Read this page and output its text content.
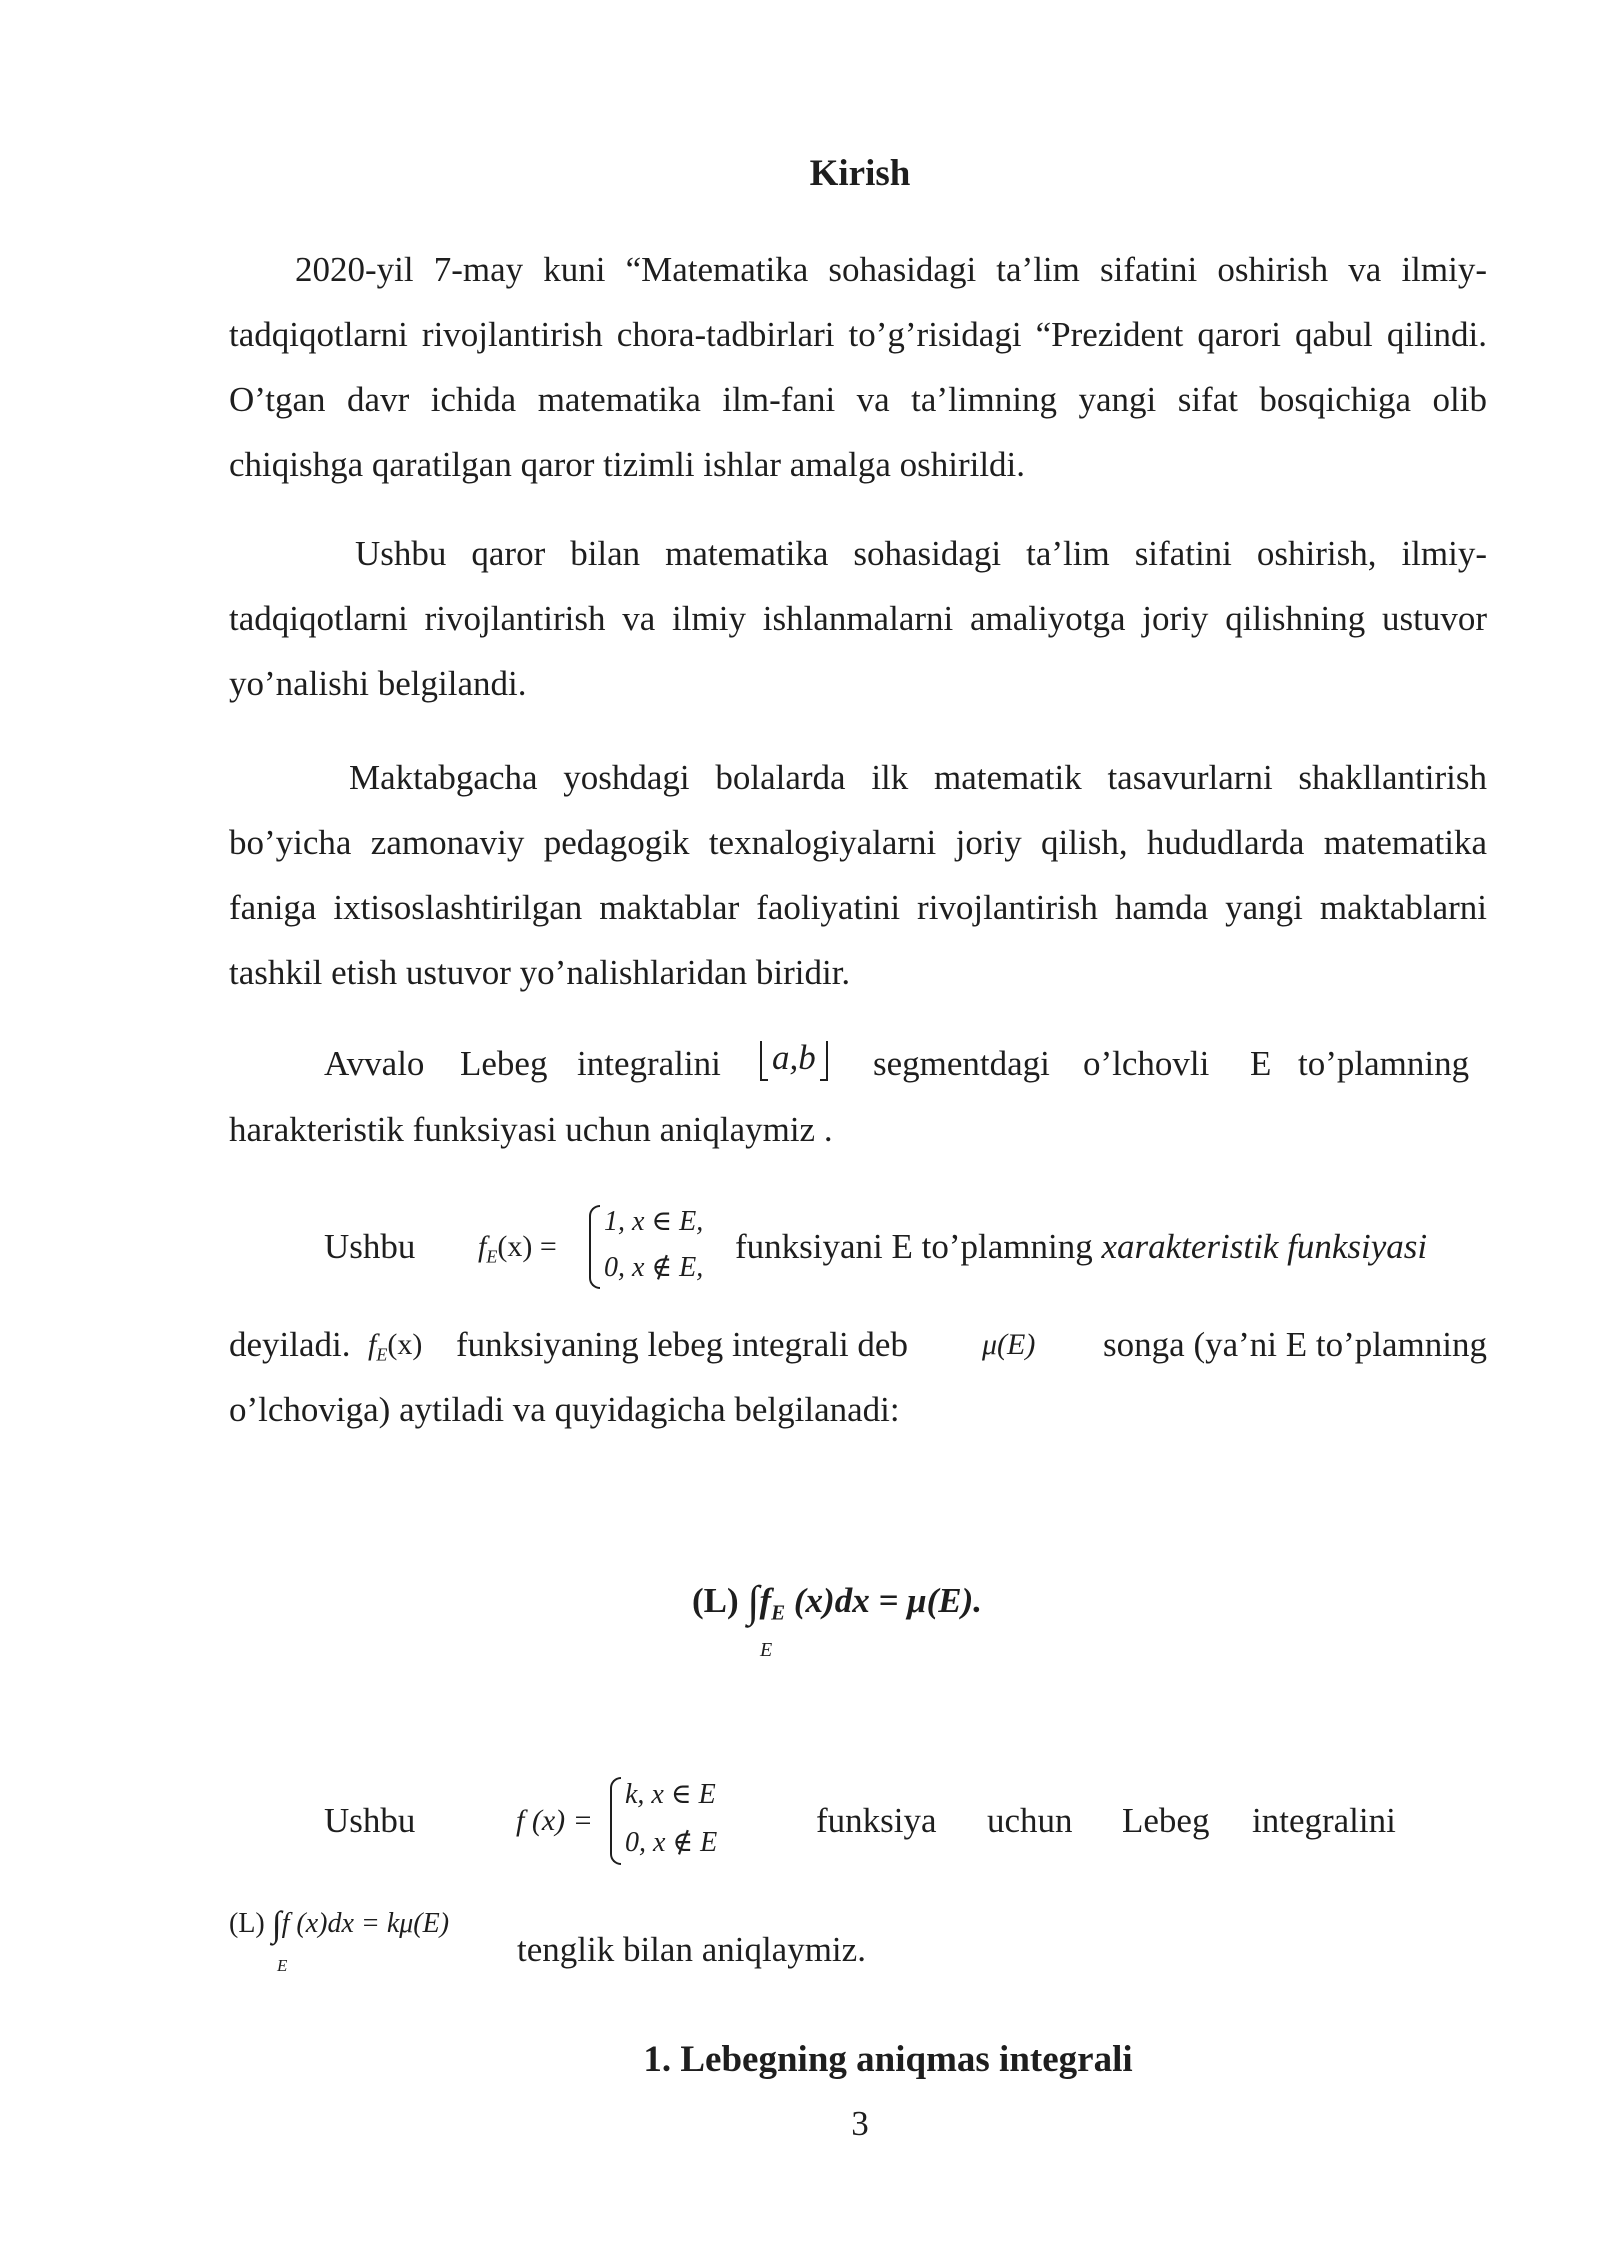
Kirish
2020-yil 7-may kuni “Matematika sohasidagi ta’lim sifatini oshirish va ilmiy-tadqiqotlarni rivojlantirish chora-tadbirlari to’g’risidagi “Prezident qarori qabul qilindi. O’tgan davr ichida matematika ilm-fani va ta’limning yangi sifat bosqichiga olib chiqishga qaratilgan qaror tizimli ishlar amalga oshirildi.
Ushbu qaror bilan matematika sohasidagi ta’lim sifatini oshirish, ilmiy-tadqiqotlarni rivojlantirish va ilmiy ishlanmalarni amaliyotga joriy qilishning ustuvor yo’nalishi belgilandi.
Maktabgacha yoshdagi bolalarda ilk matematik tasavurlarni shakllantirish bo’yicha zamonaviy pedagogik texnalogiyalarni joriy qilish, hududlarda matematika faniga ixtisoslashtirilgan maktablar faoliyatini rivojlantirish hamda yangi maktablarni tashkil etish ustuvor yo’nalishlaridan biridir.
Avvalo Lebeg integralini	a,b	segmentdagi o’lchovli E to’plamning
harakteristik funksiyasi uchun aniqlaymiz .
Ushbu $f_E(x)$ =
1, x ∈ E,
0, x ∉ E,
funksiyani E to’plamning xarakteristik funksiyasi
deyiladi. $f_E(x)$ funksiyaning lebeg integrali deb μ(E) songa (ya’ni E to’plamning
o’lchoviga) aytiladi va quyidagicha belgilanadi:
(L) $\int f_E$ (x)dx = μ(E).
E
Ushbu	f (x) =
k, x ∈ E
0, x ∉ E
funksiya uchun Lebeg integralini
(L) ∫f (x)dx = kμ(E)
E	tenglik bilan aniqlaymiz.
1. Lebegning aniqmas integrali
3
